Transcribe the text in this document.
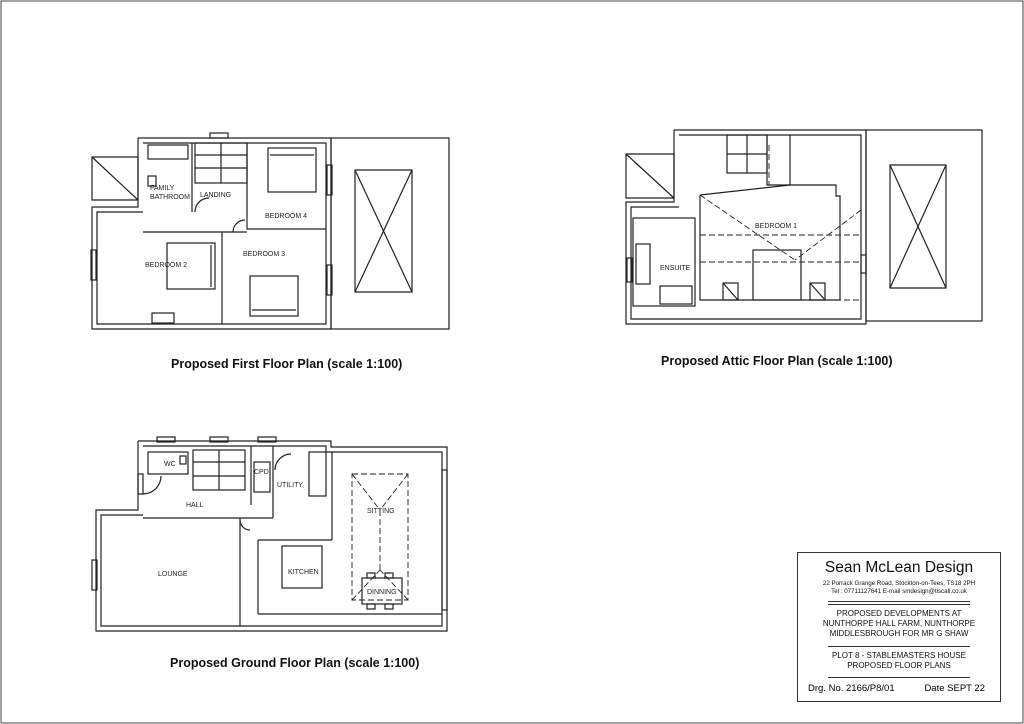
FAMILY
BATHROOM LANDING
BEDROOM 4
BEDROOM 2
BEDROOM 3
BEDROOM 1
ENSUITE
WC
CPD
UTILITY
HALL
SITTING
LOUNGE	KITCHEN
DINNING
Proposed First Floor Plan (scale 1:100)	Proposed Attic Floor Plan (scale 1:100)
Proposed Ground Floor Plan (scale 1:100)
Sean McLean Design
22 Porrack Grange Road, Stockton-on-Tees, TS18 2PH
Tel : 07711127641 E-mail smdesign@tiscali.co.uk
PROPOSED DEVELOPMENTS AT
NUNTHORPE HALL FARM, NUNTHORPE
MIDDLESBROUGH FOR MR G SHAW
PLOT 8 - STABLEMASTERS HOUSE
PROPOSED FLOOR PLANS
Drg. No. 2166/P8/01	Date SEPT 22
